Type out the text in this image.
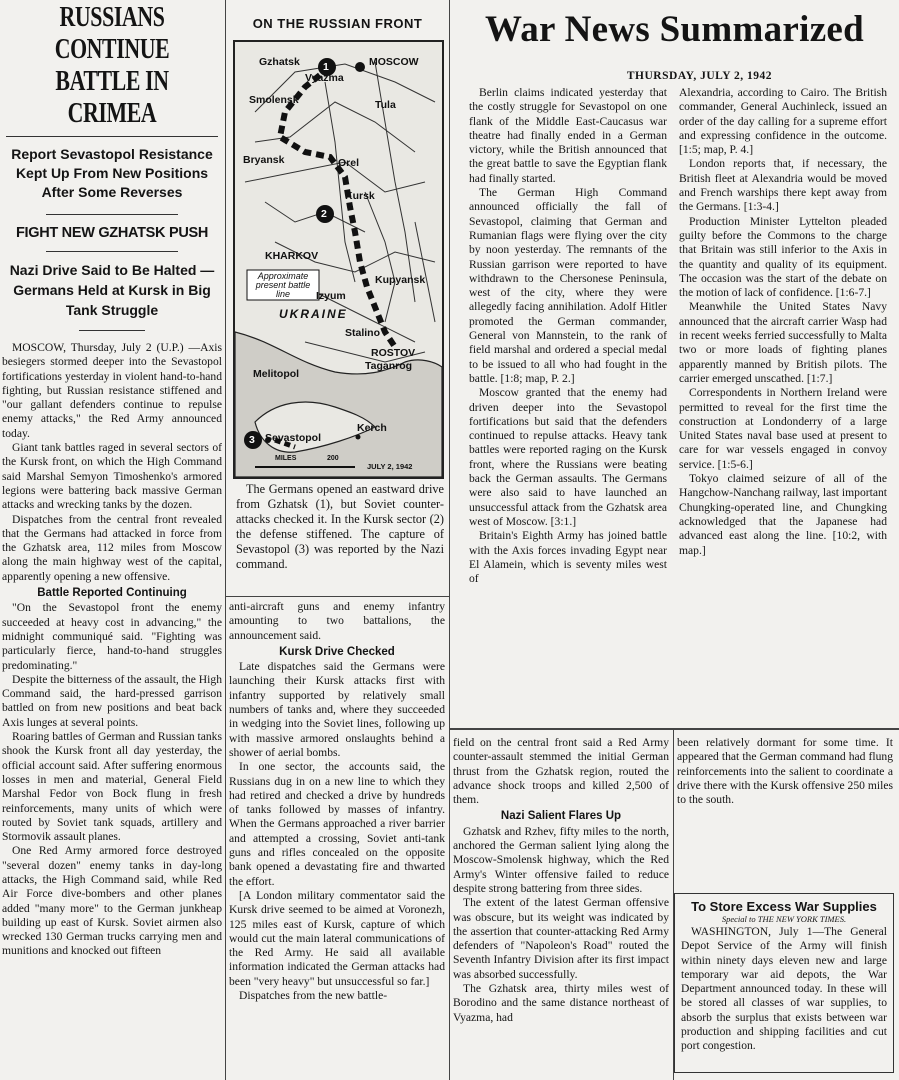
RUSSIANS CONTINUE BATTLE IN CRIMEA
Report Sevastopol Resistance Kept Up From New Positions After Some Reverses
FIGHT NEW GZHATSK PUSH
Nazi Drive Said to Be Halted —Germans Held at Kursk in Big Tank Struggle

MOSCOW, Thursday, July 2 (U.P.) —Axis besiegers stormed deeper into the Sevastopol fortifications yesterday in violent hand-to-hand fighting, but Russian resistance stiffened and "our gallant defenders continue to repulse enemy attacks," the Red Army announced today.

Giant tank battles raged in several sectors of the Kursk front, on which the High Command said Marshal Semyon Timoshenko's armored legions were battering back massive German attacks and wrecking tanks by the dozen.

Dispatches from the central front revealed that the Germans had attacked in force from the Gzhatsk area, 112 miles from Moscow along the main highway west of the capital, apparently opening a new offensive.

Battle Reported Continuing

"On the Sevastopol front the enemy succeeded at heavy cost in advancing," the midnight communiqué said. "Fighting was particularly fierce, hand-to-hand struggles predominating."

Despite the bitterness of the assault, the High Command said, the hard-pressed garrison battled on from new positions and beat back Axis lunges at several points.

Roaring battles of German and Russian tanks shook the Kursk front all day yesterday, the official account said. After suffering enormous losses in men and material, General Field Marshal Fedor von Bock flung in fresh reinforcements, many units of which were routed by Soviet tank squads, artillery and Stormovik assault planes.

One Red Army armored force destroyed "several dozen" enemy tanks in day-long attacks, the High Command said, while Red Air Force dive-bombers and other planes added "many more" to the German junkheap building up east of Kursk. Soviet airmen also wrecked 130 German trucks carrying men and munitions and knocked out fifteen

ON THE RUSSIAN FRONT
1
2
3
Gzhatsk	MOSCOW
Vyazma
Smolensk	Tula
Bryansk	Orel
Kursk
KHARKOV
Kupyansk
Izyum
UKRAINE
Stalino
ROSTOV
Taganrog
Melitopol
Kerch
Sevastopol
Approximate present battle line
MILES	200
JULY 2, 1942

The Germans opened an eastward drive from Gzhatsk (1), but Soviet counter-attacks checked it. In the Kursk sector (2) the defense stiffened. The capture of Sevastopol (3) was reported by the Nazi command.

anti-aircraft guns and enemy infantry amounting to two battalions, the announcement said.

Kursk Drive Checked

Late dispatches said the Germans were launching their Kursk attacks first with infantry supported by relatively small numbers of tanks and, where they succeeded in wedging into the Soviet lines, following up with massive armored onslaughts behind a shower of aerial bombs.

In one sector, the accounts said, the Russians dug in on a new line to which they had retired and checked a drive by hundreds of tanks followed by masses of infantry. When the Germans approached a river barrier and attempted a crossing, Soviet anti-tank guns and rifles concealed on the opposite bank opened a devastating fire and thwarted the effort.

[A London military commentator said the Kursk drive seemed to be aimed at Voronezh, 125 miles east of Kursk, capture of which would cut the main lateral communications of the Red Army. He said all available information indicated the German attacks had been "very heavy" but unsuccessful so far.]

Dispatches from the new battle-

War News Summarized
THURSDAY, JULY 2, 1942

Berlin claims indicated yesterday that the costly struggle for Sevastopol on one flank of the Middle East-Caucasus war theatre had finally ended in a German victory, while the British announced that the great battle to save the Egyptian flank had finally started.

The German High Command announced officially the fall of Sevastopol, claiming that German and Rumanian flags were flying over the city by noon yesterday. The remnants of the Russian garrison were reported to have withdrawn to the Chersonese Peninsula, west of the city, where they were allegedly facing annihilation. Adolf Hitler promoted the German commander, General von Mannstein, to the rank of field marshal and ordered a special medal to be issued to all who had fought in the battle. [1:8; map, P. 2.]

Moscow granted that the enemy had driven deeper into the Sevastopol fortifications but said that the defenders continued to repulse attacks. Heavy tank battles were reported raging on the Kursk front, where the Russians were beating back the German assaults. The Germans were also said to have launched an unsuccessful attack from the Gzhatsk area west of Moscow. [3:1.]

Britain's Eighth Army has joined battle with the Axis forces invading Egypt near El Alamein, which is seventy miles west of

Alexandria, according to Cairo. The British commander, General Auchinleck, issued an order of the day calling for a supreme effort and expressing confidence in the outcome. [1:5; map, P. 4.]

London reports that, if necessary, the British fleet at Alexandria would be moved and French warships there kept away from the Germans. [1:3-4.]

Production Minister Lyttelton pleaded guilty before the Commons to the charge that Britain was still inferior to the Axis in the quantity and quality of its equipment. The occasion was the start of the debate on the motion of lack of confidence. [1:6-7.]

Meanwhile the United States Navy announced that the aircraft carrier Wasp had in recent weeks ferried successfully to Malta two or more loads of fighting planes apparently manned by British pilots. The carrier emerged unscathed. [1:7.]

Correspondents in Northern Ireland were permitted to reveal for the first time the construction at Londonderry of a large United States naval base used at present to care for war vessels engaged in convoy service. [1:5-6.]

Tokyo claimed seizure of all of the Hangchow-Nanchang railway, last important Chungking-operated line, and Chungking acknowledged that the Japanese had advanced east along the line. [10:2, with map.]

field on the central front said a Red Army counter-assault stemmed the initial German thrust from the Gzhatsk region, routed the advance shock troops and killed 2,500 of them.

Nazi Salient Flares Up

Gzhatsk and Rzhev, fifty miles to the north, anchored the German salient lying along the Moscow-Smolensk highway, which the Red Army's Winter offensive failed to reduce despite strong battering from three sides.

The extent of the latest German offensive was obscure, but its weight was indicated by the assertion that counter-attacking Red Army defenders of "Napoleon's Road" routed the Seventh Infantry Division after its first impact was absorbed successfully.

The Gzhatsk area, thirty miles west of Borodino and the same distance northeast of Vyazma, had

been relatively dormant for some time. It appeared that the German command had flung reinforcements into the salient to coordinate a drive there with the Kursk offensive 250 miles to the south.

To Store Excess War Supplies
Special to THE NEW YORK TIMES.

WASHINGTON, July 1—The General Depot Service of the Army will finish within ninety days eleven new and large temporary war aid depots, the War Department announced today. In these will be stored all classes of war supplies, to absorb the surplus that exists between war production and shipping facilities and cut port congestion.
